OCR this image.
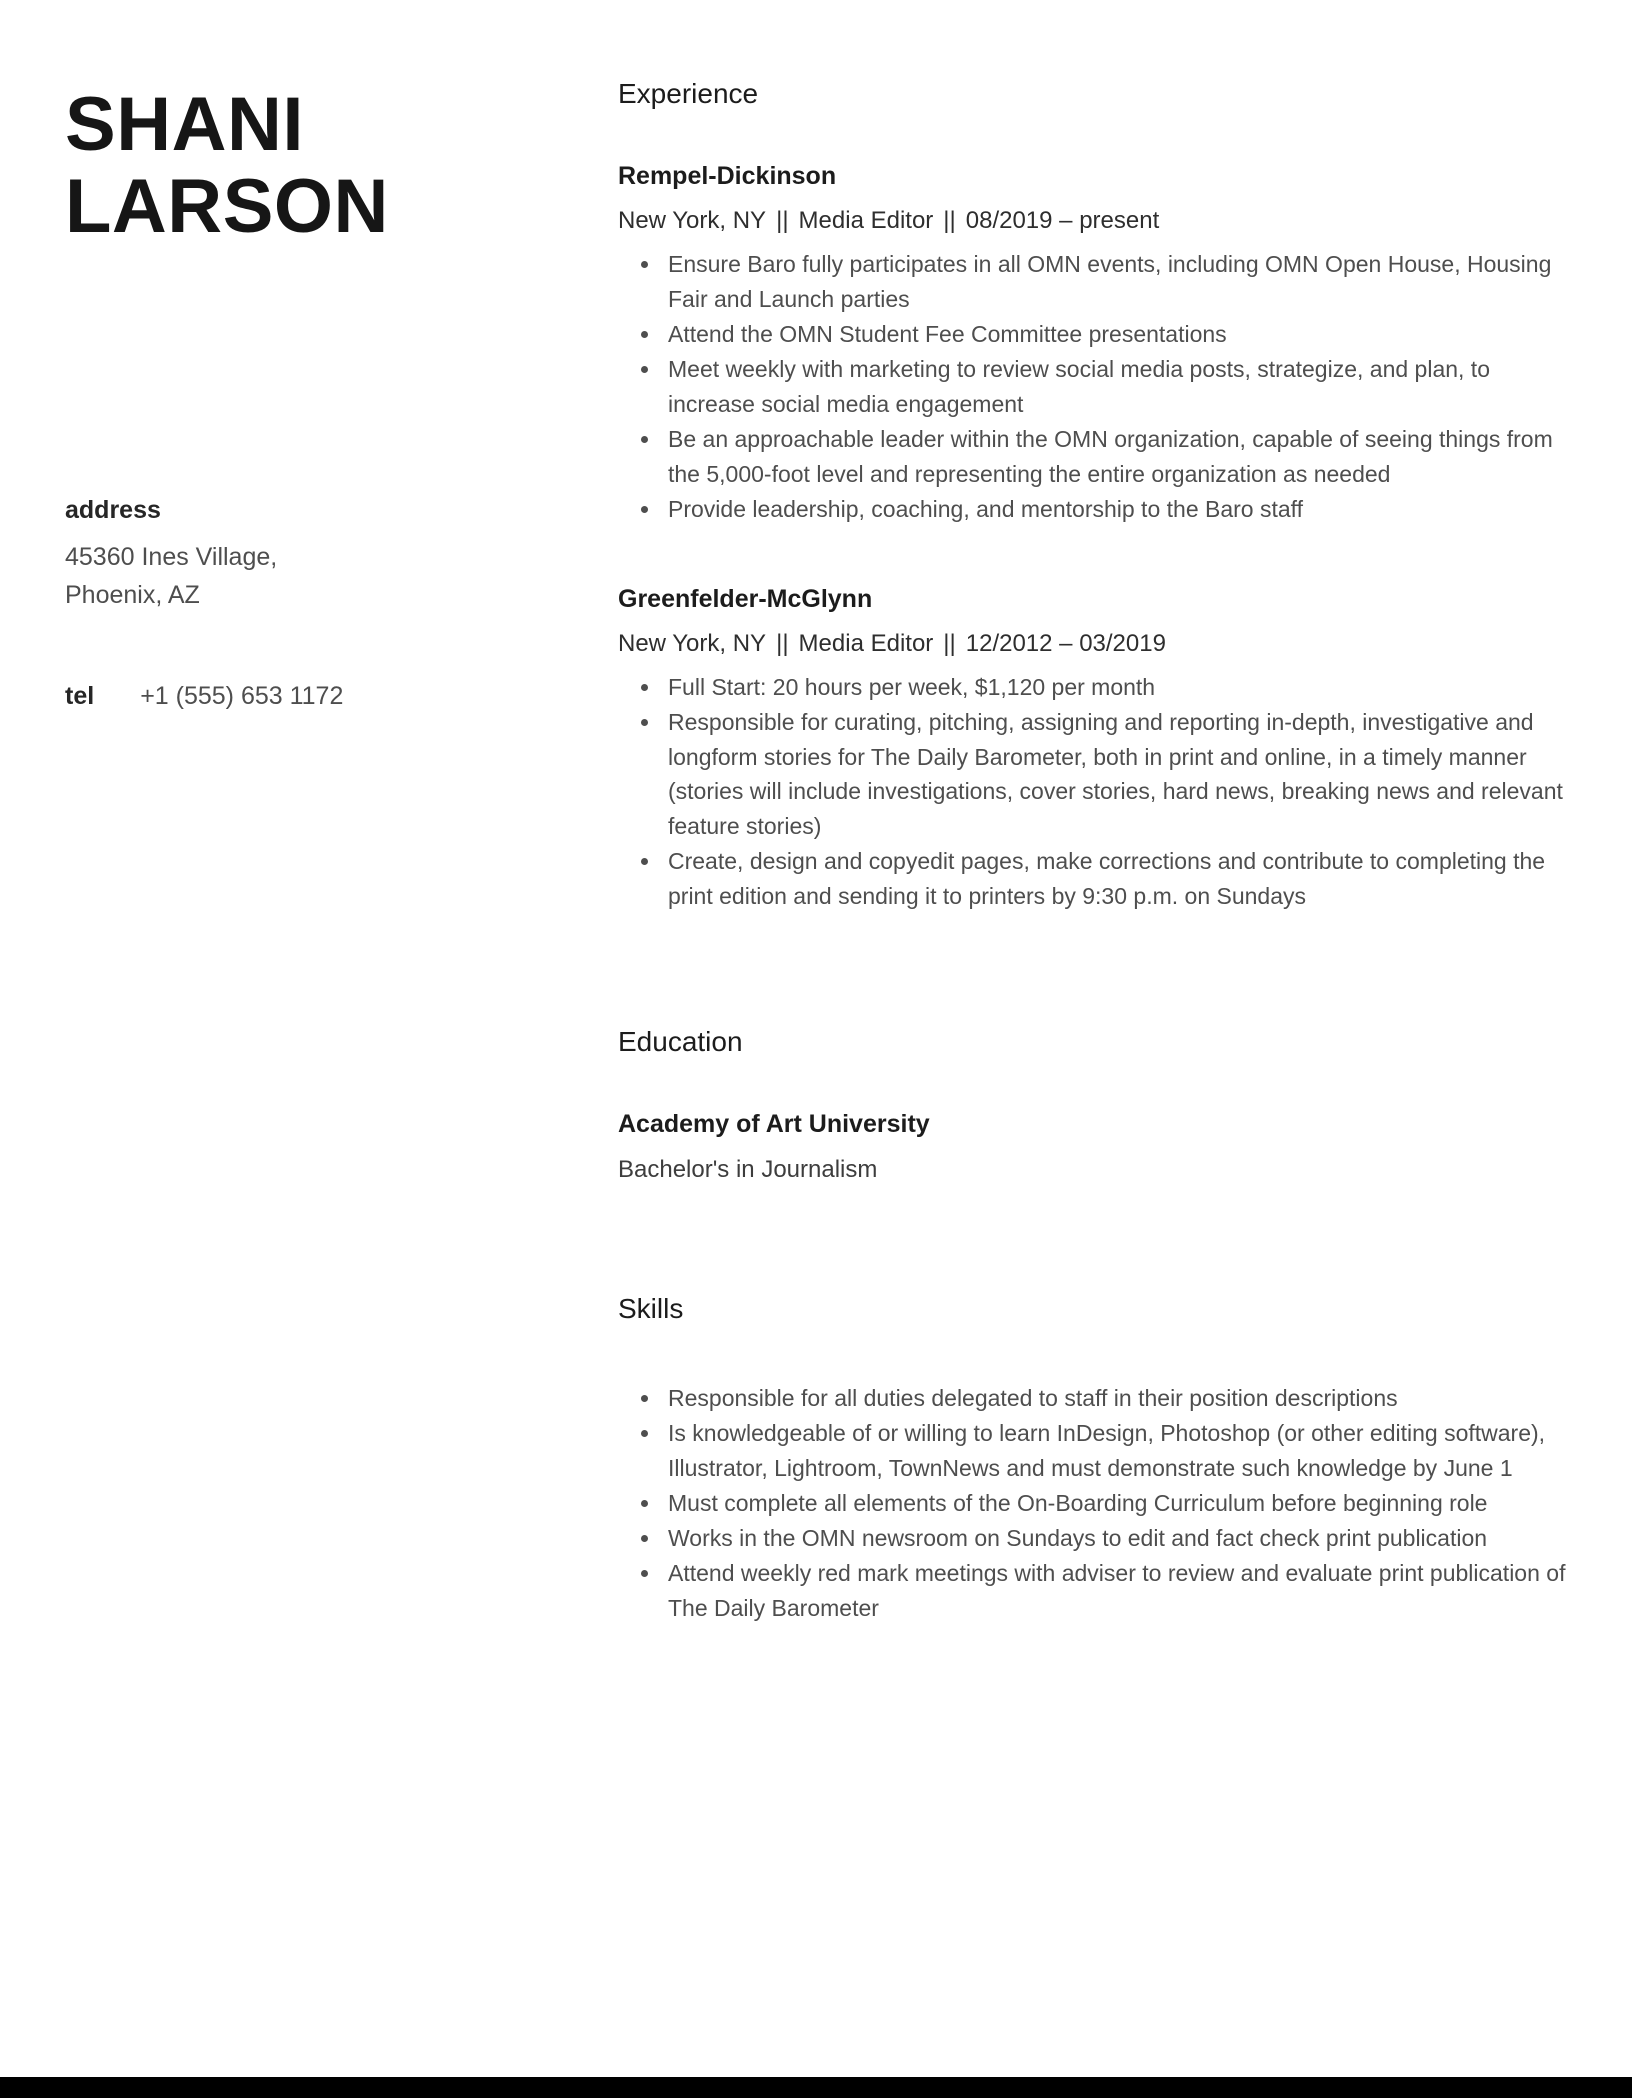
SHANI
LARSON
address
45360 Ines Village,
Phoenix, AZ
tel +1 (555) 653 1172
Experience
Rempel-Dickinson
New York, NY || Media Editor || 08/2019 – present
• Ensure Baro fully participates in all OMN events, including OMN Open House, Housing Fair and Launch parties
• Attend the OMN Student Fee Committee presentations
• Meet weekly with marketing to review social media posts, strategize, and plan, to increase social media engagement
• Be an approachable leader within the OMN organization, capable of seeing things from the 5,000-foot level and representing the entire organization as needed
• Provide leadership, coaching, and mentorship to the Baro staff
Greenfelder-McGlynn
New York, NY || Media Editor || 12/2012 – 03/2019
• Full Start: 20 hours per week, $1,120 per month
• Responsible for curating, pitching, assigning and reporting in-depth, investigative and longform stories for The Daily Barometer, both in print and online, in a timely manner (stories will include investigations, cover stories, hard news, breaking news and relevant feature stories)
• Create, design and copyedit pages, make corrections and contribute to completing the print edition and sending it to printers by 9:30 p.m. on Sundays
Education
Academy of Art University
Bachelor's in Journalism
Skills
• Responsible for all duties delegated to staff in their position descriptions
• Is knowledgeable of or willing to learn InDesign, Photoshop (or other editing software), Illustrator, Lightroom, TownNews and must demonstrate such knowledge by June 1
• Must complete all elements of the On-Boarding Curriculum before beginning role
• Works in the OMN newsroom on Sundays to edit and fact check print publication
• Attend weekly red mark meetings with adviser to review and evaluate print publication of The Daily Barometer
